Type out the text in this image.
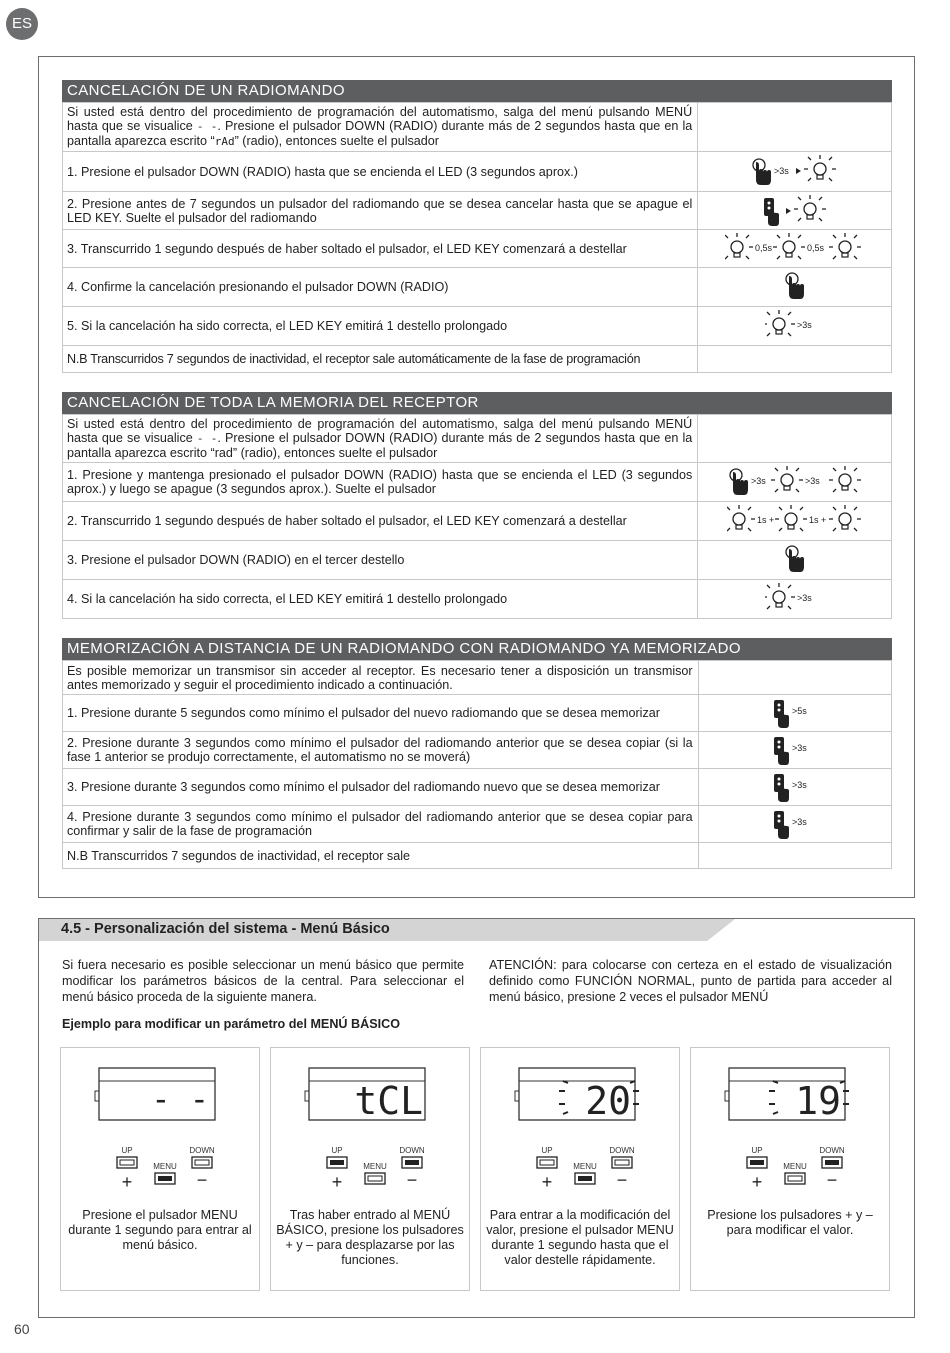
ES
CANCELACIÓN DE UN RADIOMANDO
Si usted está dentro del procedimiento de programación del automatismo, salga del menú pulsando MENÚ hasta que se visualice - -. Presione el pulsador DOWN (RADIO) durante más de 2 segundos hasta que en la pantalla aparezca escrito “rAd” (radio), entonces suelte el pulsador	
1. Presione el pulsador DOWN (RADIO) hasta que se encienda el LED (3 segundos aprox.)	>3s

2. Presione antes de 7 segundos un pulsador del radiomando que se desea cancelar hasta que se apague el LED KEY. Suelte el pulsador del radiomando	
3. Transcurrido 1 segundo después de haber soltado el pulsador, el LED KEY comenzará a destellar	0,5s 0,5s

4. Confirme la cancelación presionando el pulsador DOWN (RADIO)	
5. Si la cancelación ha sido correcta, el LED KEY emitirá 1 destello prolongado	>3s

N.B Transcurridos 7 segundos de inactividad, el receptor sale automáticamente de la fase de programación	
CANCELACIÓN DE TODA LA MEMORIA DEL RECEPTOR
Si usted está dentro del procedimiento de programación del automatismo, salga del menú pulsando MENÚ hasta que se visualice - -. Presione el pulsador DOWN (RADIO) durante más de 2 segundos hasta que en la pantalla aparezca escrito “rad” (radio), entonces suelte el pulsador	
1. Presione y mantenga presionado el pulsador DOWN (RADIO) hasta que se encienda el LED (3 segundos aprox.) y luego se apague (3 segundos aprox.). Suelte el pulsador	>3s >3s

2. Transcurrido 1 segundo después de haber soltado el pulsador, el LED KEY comenzará a destellar	1s + 1s +

3. Presione el pulsador DOWN (RADIO) en el tercer destello	
4. Si la cancelación ha sido correcta, el LED KEY emitirá 1 destello prolongado	>3s
MEMORIZACIÓN A DISTANCIA DE UN RADIOMANDO CON RADIOMANDO YA MEMORIZADO
Es posible memorizar un transmisor sin acceder al receptor. Es necesario tener a disposición un transmisor antes memorizado y seguir el procedimiento indicado a continuación.	
1. Presione durante 5 segundos como mínimo el pulsador del nuevo radiomando que se desea memorizar	>5s

2. Presione durante 3 segundos como mínimo el pulsador del radiomando anterior que se desea copiar (si la fase 1 anterior se produjo correctamente, el automatismo no se moverá)	>3s

3. Presione durante 3 segundos como mínimo el pulsador del radiomando nuevo que se desea memorizar	>3s

4. Presione durante 3 segundos como mínimo el pulsador del radiomando anterior que se desea copiar para confirmar y salir de la fase de programación	>3s

N.B Transcurridos 7 segundos de inactividad, el receptor sale	
4.5 - Personalización del sistema - Menú Básico
Si fuera necesario es posible seleccionar un menú básico que permite modificar los parámetros básicos de la central. Para seleccionar el menú básico proceda de la siguiente manera.
ATENCIÓN: para colocarse con certeza en el estado de visualización definido como FUNCIÓN NORMAL, punto de partida para acceder al menú básico, presione 2 veces el pulsador MENÚ
Ejemplo para modificar un parámetro del MENÚ BÁSICO
- -
UP
+
MENU
DOWN
−
Presione el pulsador MENU durante 1 segundo para entrar al menú básico.
tCL
UP
+
MENU
DOWN
−
Tras haber entrado al MENÚ BÁSICO, presione los pulsadores + y – para desplazarse por las funciones.
20
UP
+
MENU
DOWN
−
Para entrar a la modificación del valor, presione el pulsador MENU durante 1 segundo hasta que el valor destelle rápidamente.
19
UP
+
MENU
DOWN
−
Presione los pulsadores + y – para modificar el valor.
60
